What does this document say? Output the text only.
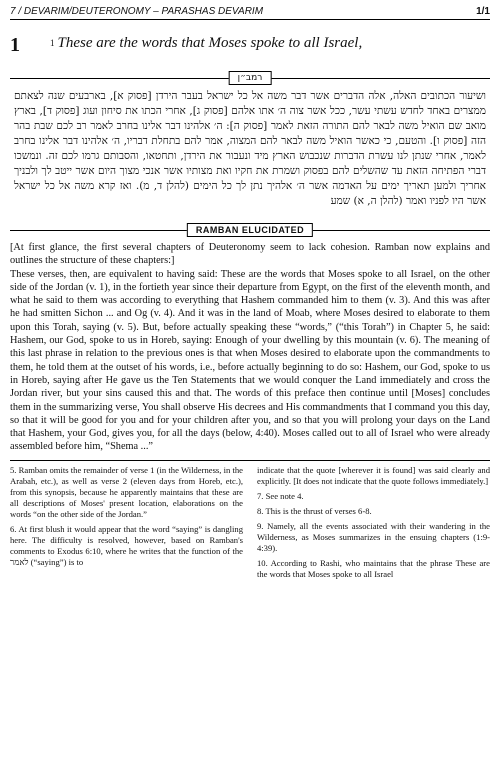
7 / DEVARIM/DEUTERONOMY – PARASHAS DEVARIM	1/1
1	$^1$ These are the words that Moses spoke to all Israel,
רמב״ן
ושיעור הכתובים האלה, אלה הדברים אשר דבר משה אל כל ישראל בעבר הירדן [פסוק א], בארבעים שנה לצאתם ממצרים באחד לחדש עשתי עשר, ככל אשר צוה ה׳ אתו אלהם [פסוק ג], אחרי הכתו את סיחון ועוג [פסוק ד], בארץ מואב שם הואיל משה לבאר להם התורה הזאת לאמר [פסוק ה]: ה׳ אלהינו דבר אלינו בחרב לאמר רב לכם שבת בהר הזה [פסוק ו]. והטעם, כי כאשר הואיל משה לבאר להם המצוה, אמר להם בתחלת דבריו, ה׳ אלהינו דבר אלינו בחרב לאמר, אחרי שנתן לנו עשרת הדברות שנכבוש הארץ מיד ונעבור את הירדן, ותחטאו, והסבותם גרמו לכם זה. ונמשכו דברי הפתיחה הזאת עד שהשלים להם בפסוק ושמרת את חקיו ואת מצותיו אשר אנכי מצוך היום אשר ייטב לך ולבניך אחריך ולמען תאריך ימים על האדמה אשר ה׳ אלהיך נתן לך כל הימים (להלן ד, מ). ואז קרא משה אל כל ישראל אשר היו לפניו ואמר (להלן ה, א) שמע
RAMBAN ELUCIDATED

[At first glance, the first several chapters of Deuteronomy seem to lack cohesion. Ramban now explains and outlines the structure of these chapters:]

These verses, then, are equivalent to having said: These are the words that Moses spoke to all Israel, on the other side of the Jordan (v. 1), in the fortieth year since their departure from Egypt, on the first of the eleventh month, and what he said to them was according to everything that Hashem commanded him to them (v. 3). And this was after he had smitten Sichon ... and Og (v. 4). And it was in the land of Moab, where Moses desired to elaborate to them upon this Torah, saying (v. 5). But, before actually speaking these “words,” (“this Torah”) in Chapter 5, he said: Hashem, our God, spoke to us in Horeb, saying: Enough of your dwelling by this mountain (v. 6). The meaning of this last phrase in relation to the previous ones is that when Moses desired to elaborate upon the commandments to them, he told them at the outset of his words, i.e., before actually beginning to do so: Hashem, our God, spoke to us in Horeb, saying after He gave us the Ten Statements that we would conquer the Land immediately and cross the Jordan river, but your sins caused this and that. The words of this preface then continue until [Moses] concludes them in the summarizing verse, You shall observe His decrees and His commandments that I command you this day, so that it will be good for you and for your children after you, and so that you will prolong your days on the Land that Hashem, your God, gives you, for all the days (below, 4:40). Moses called out to all of Israel who were already assembled before him, “Shema ...”

5. Ramban omits the remainder of verse 1 (in the Wilderness, in the Arabah, etc.), as well as verse 2 (eleven days from Horeb, etc.), from this synopsis, because he apparently maintains that these are all descriptions of Moses' present location, elaborations on the words “on the other side of the Jordan.”

6. At first blush it would appear that the word “saying” is dangling here. The difficulty is resolved, however, based on Ramban's comments to Exodus 6:10, where he writes that the function of the לאמר (“saying”) is to

indicate that the quote [wherever it is found] was said clearly and explicitly. [It does not indicate that the quote follows immediately.]

7. See note 4.

8. This is the thrust of verses 6-8.

9. Namely, all the events associated with their wandering in the Wilderness, as Moses summarizes in the ensuing chapters (1:9-4:39).

10. According to Rashi, who maintains that the phrase These are the words that Moses spoke to all Israel
